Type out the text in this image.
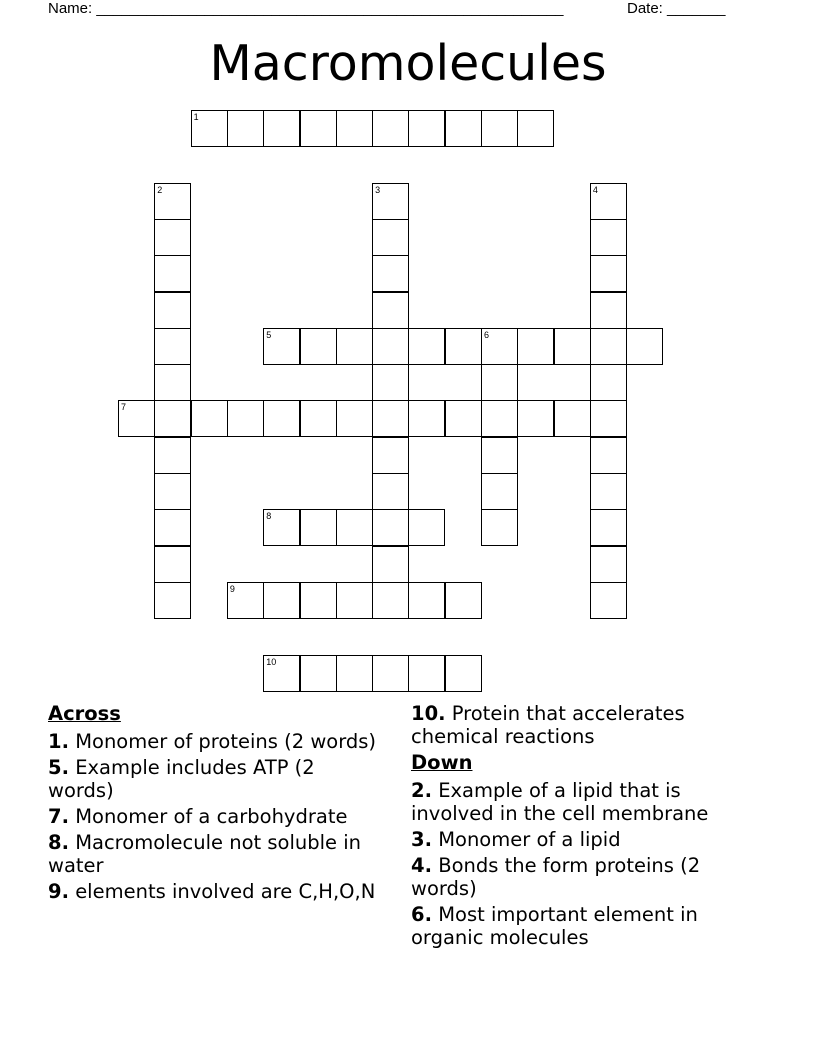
Name: ________________________________________________________	Date: _______
Macromolecules
1
2	3	4
5	6
7
8
9
10
Across
1. Monomer of proteins (2 words)
5. Example includes ATP (2 words)
7. Monomer of a carbohydrate
8. Macromolecule not soluble in water
9. elements involved are C,H,O,N
10. Protein that accelerates chemical reactions
Down
2. Example of a lipid that is involved in the cell membrane
3. Monomer of a lipid
4. Bonds the form proteins (2 words)
6. Most important element in organic molecules
